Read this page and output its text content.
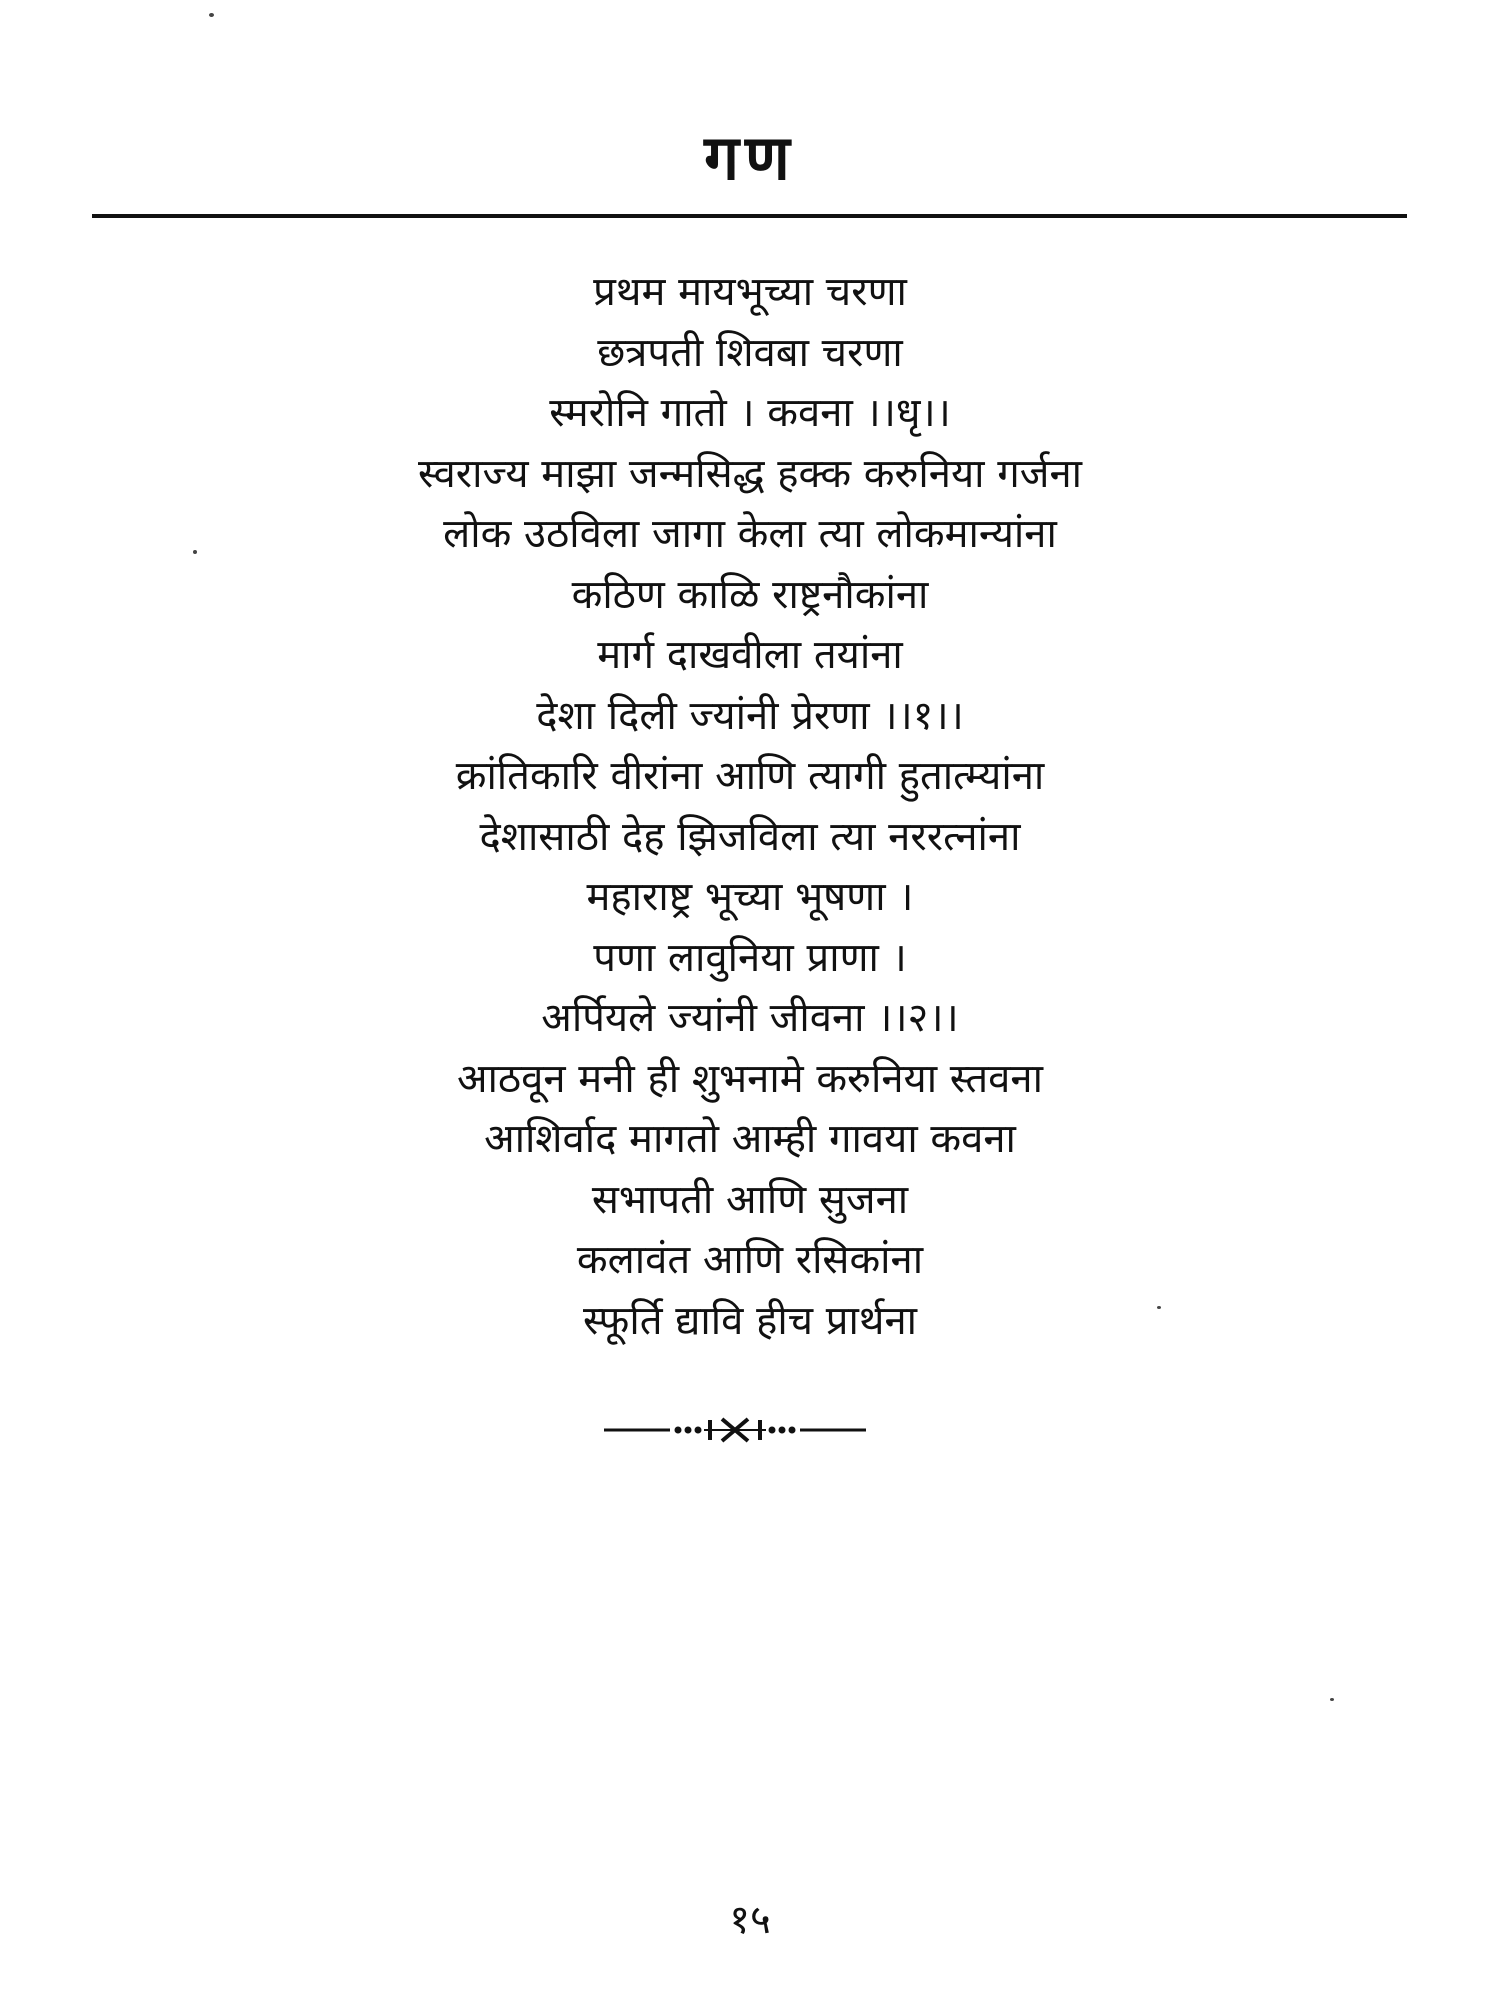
गण
प्रथम मायभूच्या चरणा
छत्रपती शिवबा चरणा
स्मरोनि गातो । कवना ।।धृ।।
स्वराज्य माझा जन्मसिद्ध हक्क करुनिया गर्जना
लोक उठविला जागा केला त्या लोकमान्यांना
कठिण काळि राष्ट्रनौकांना
मार्ग दाखवीला तयांना
देशा दिली ज्यांनी प्रेरणा ।।१।।
क्रांतिकारि वीरांना आणि त्यागी हुतात्म्यांना
देशासाठी देह झिजविला त्या नररत्नांना
महाराष्ट्र भूच्या भूषणा ।
पणा लावुनिया प्राणा ।
अर्पियले ज्यांनी जीवना ।।२।।
आठवून मनी ही शुभनामे करुनिया स्तवना
आशिर्वाद मागतो आम्ही गावया कवना
सभापती आणि सुजना
कलावंत आणि रसिकांना
स्फूर्ति द्यावि हीच प्रार्थना
१५
